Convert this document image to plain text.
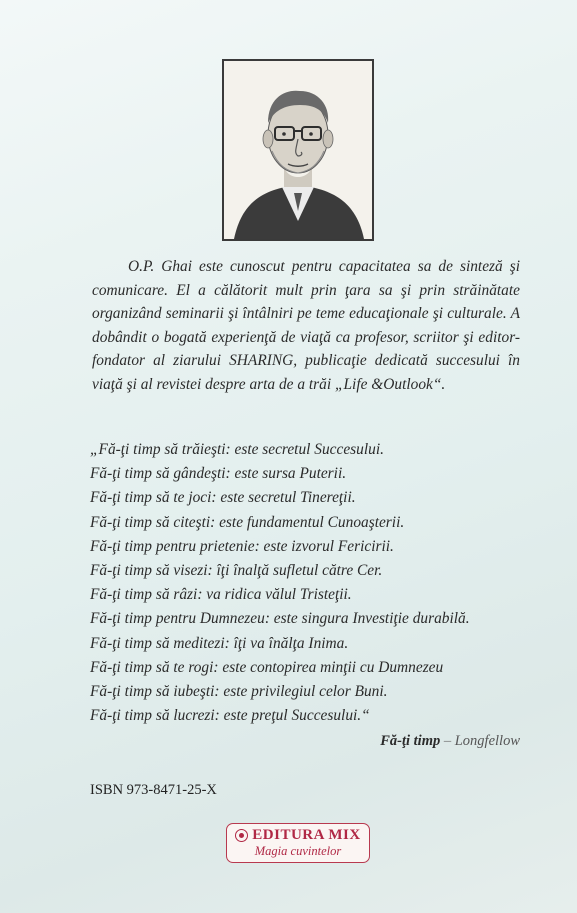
O.P. Ghai este cunoscut pentru capacitatea sa de sinteză şi comunicare. El a călătorit mult prin ţara sa şi prin străinătate organizând seminarii şi întâlniri pe teme educaţionale şi culturale. A dobândit o bogată experienţă de viaţă ca profesor, scriitor şi editor-fondator al ziarului SHARING, publicaţie dedicată succesului în viaţă şi al revistei despre arta de a trăi „Life &Outlook“.

„Fă-ţi timp să trăieşti: este secretul Succesului.
Fă-ţi timp să gândeşti: este sursa Puterii.
Fă-ţi timp să te joci: este secretul Tinereţii.
Fă-ţi timp să citeşti: este fundamentul Cunoaşterii.
Fă-ţi timp pentru prietenie: este izvorul Fericirii.
Fă-ţi timp să visezi: îţi înalţă sufletul către Cer.
Fă-ţi timp să râzi: va ridica vălul Tristeţii.
Fă-ţi timp pentru Dumnezeu: este singura Investiţie durabilă.
Fă-ţi timp să meditezi: îţi va înălţa Inima.
Fă-ţi timp să te rogi: este contopirea minţii cu Dumnezeu
Fă-ţi timp să iubeşti: este privilegiul celor Buni.
Fă-ţi timp să lucrezi: este preţul Succesului.“
Fă-ţi timp – Longfellow
ISBN 973-8471-25-X
EDITURA MIX
Magia cuvintelor
